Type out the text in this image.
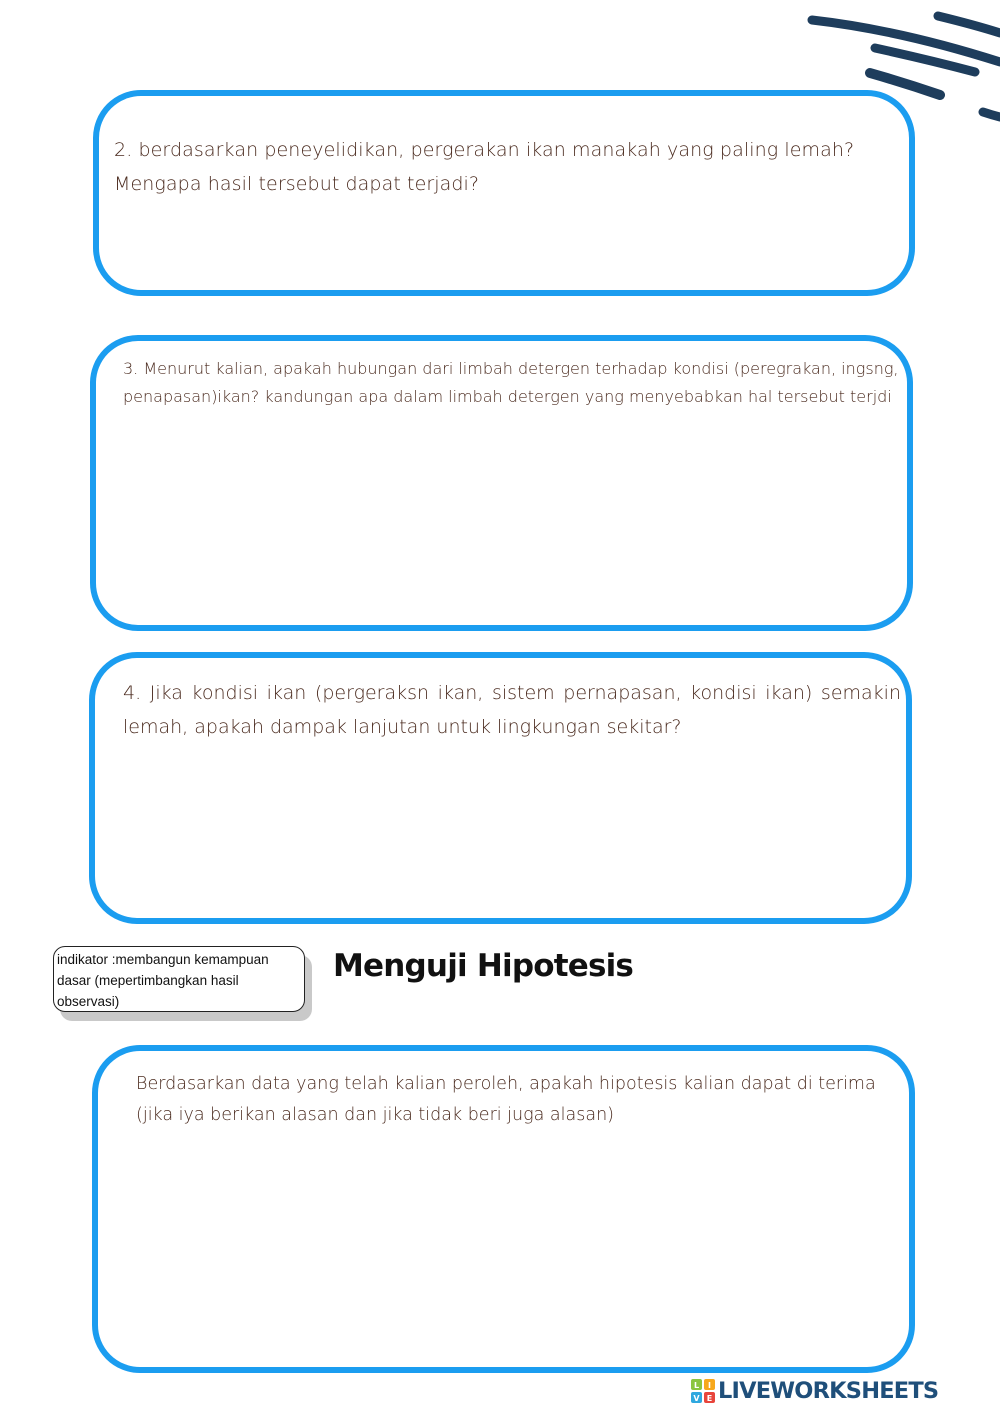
2. berdasarkan peneyelidikan, pergerakan ikan manakah yang paling lemah? Mengapa hasil tersebut dapat terjadi?

3. Menurut kalian, apakah hubungan dari limbah detergen terhadap kondisi (peregrakan, ingsng, penapasan)ikan? kandungan apa dalam limbah detergen yang menyebabkan hal tersebut terjdi

4. Jika kondisi ikan (pergeraksn ikan, sistem pernapasan, kondisi ikan) semakin lemah, apakah dampak lanjutan untuk lingkungan sekitar?

indikator :membangun kemampuan dasar (mepertimbangkan hasil observasi)

Menguji Hipotesis

Berdasarkan data yang telah kalian peroleh, apakah hipotesis kalian dapat di terima (jika iya berikan alasan dan jika tidak beri juga alasan)

L I
V E LIVEWORKSHEETS
